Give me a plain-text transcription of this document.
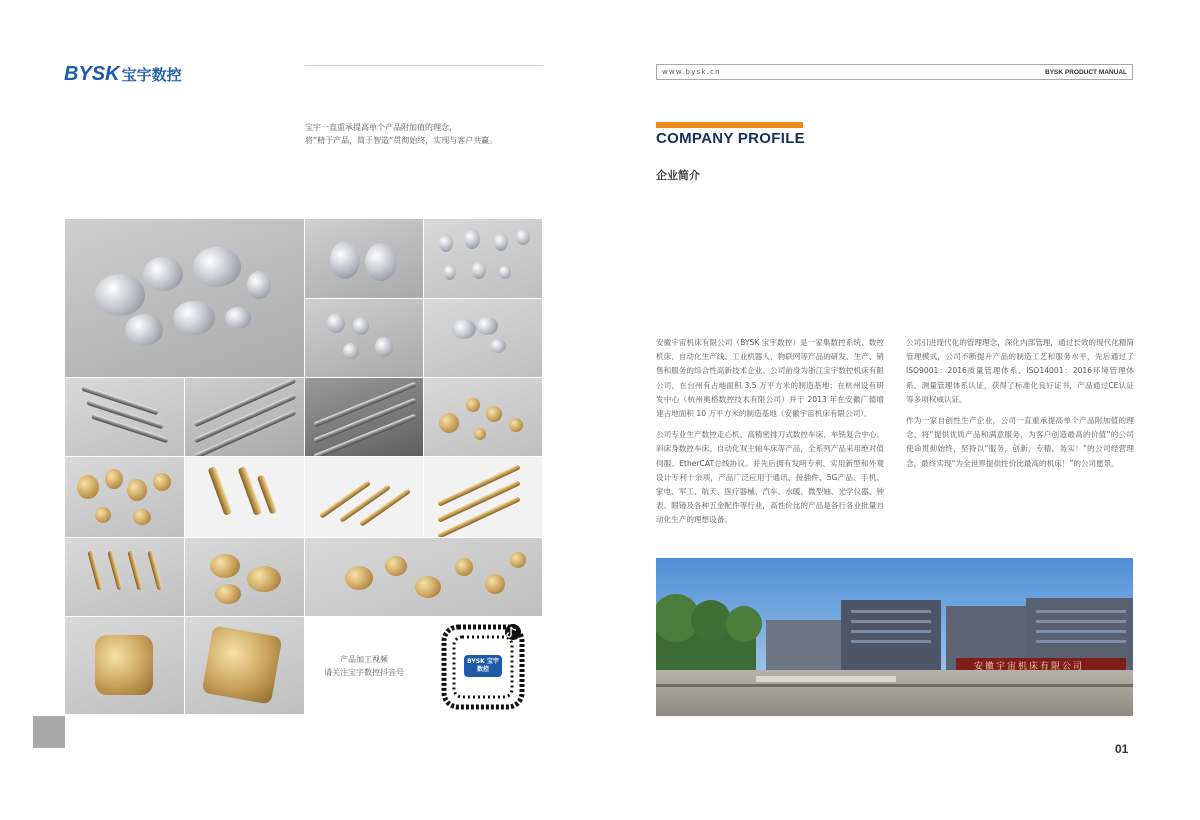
BYSK 宝宇数控
宝宇一直重承提高单个产品附加值的理念，
将“精于产品，简于智造”贯彻始终，实现与客户共赢。
产品加工视频
请关注宝宇数控抖音号
BYSK 宝宇数控
www.bysk.cn	BYSK PRODUCT MANUAL
COMPANY PROFILE
企业简介

安徽宇宙机床有限公司（BYSK 宝宇数控）是一家集数控系统、数控机床、自动化生产线、工业机器人、物联网等产品的研发、生产、销售和服务的综合性高新技术企业。公司前身为浙江宝宇数控机床有限公司，在台州有占地面积 3.5 万平方米的制造基地；在杭州设有研发中心（杭州奥格数控技术有限公司）并于 2013 年在安徽广德增建占地面积 10 万平方米的制造基地（安徽宇宙机床有限公司）。

公司专业生产数控走心机、高精密排刀式数控车床、车铣复合中心、斜床身数控车床、自动化双主轴车床等产品，全系列产品采用绝对值伺服、EtherCAT总线协议。并先后拥有发明专利、实用新型和外观设计专利十余项，产品广泛应用于通讯、接插件、5G产品、手机、家电、军工、航天、医疗器械、汽车、水暖、微型轴、光学仪器、钟表、眼镜及各种五金配件等行业，高性价比的产品是各行各业批量自动化生产的理想设备。

公司引进现代化的管理理念，深化内部管理，通过长效的现代化精简管理模式，公司不断提升产品的制造工艺和服务水平，先后通过了ISO9001：2016质量管理体系、ISO14001：2016环境管理体系、测量管理体系认证，获得了标准化良好证书，产品通过CE认证等多项权威认证。

作为一家自创性生产企业，公司一直重承提高单个产品附加值的理念，将“提供优质产品和满意服务，为客户创造最高的价值”的公司使命贯彻始终，坚持以“服务，创新，专精，务实！”的公司经营理念，最终实现“为全世界提供性价比最高的机床！”的公司愿景。

安徽宇宙机床有限公司
01
